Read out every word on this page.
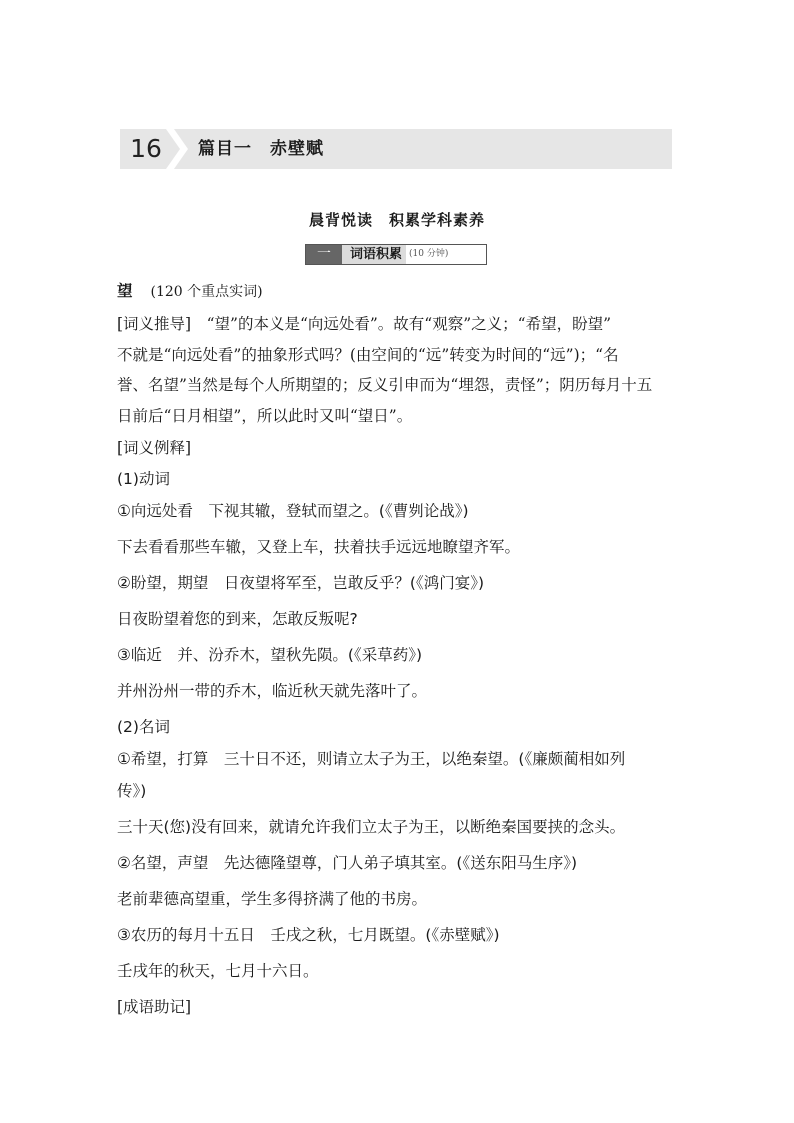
16	篇目一　赤壁赋
晨背悦读　积累学科素养
一	词语积累 (10 分钟)
望 (120 个重点实词)
[词义推导]　“望”的本义是“向远处看”。故有“观察”之义；“希望，盼望”
不就是“向远处看”的抽象形式吗？(由空间的“远”转变为时间的“远”)；“名
誉、名望”当然是每个人所期望的；反义引申而为“埋怨，责怪”；阴历每月十五
日前后“日月相望”，所以此时又叫“望日”。
[词义例释]
(1)动词
①向远处看　下视其辙，登轼而望之。(《曹刿论战》)
下去看看那些车辙，又登上车，扶着扶手远远地瞭望齐军。
②盼望，期望　日夜望将军至，岂敢反乎？(《鸿门宴》)
日夜盼望着您的到来，怎敢反叛呢?
③临近　并、汾乔木，望秋先陨。(《采草药》)
并州汾州一带的乔木，临近秋天就先落叶了。
(2)名词
①希望，打算　三十日不还，则请立太子为王，以绝秦望。(《廉颇蔺相如列
传》)
三十天(您)没有回来，就请允许我们立太子为王，以断绝秦国要挟的念头。
②名望，声望　先达德隆望尊，门人弟子填其室。(《送东阳马生序》)
老前辈德高望重，学生多得挤满了他的书房。
③农历的每月十五日　壬戌之秋，七月既望。(《赤壁赋》)
壬戌年的秋天，七月十六日。
[成语助记]
